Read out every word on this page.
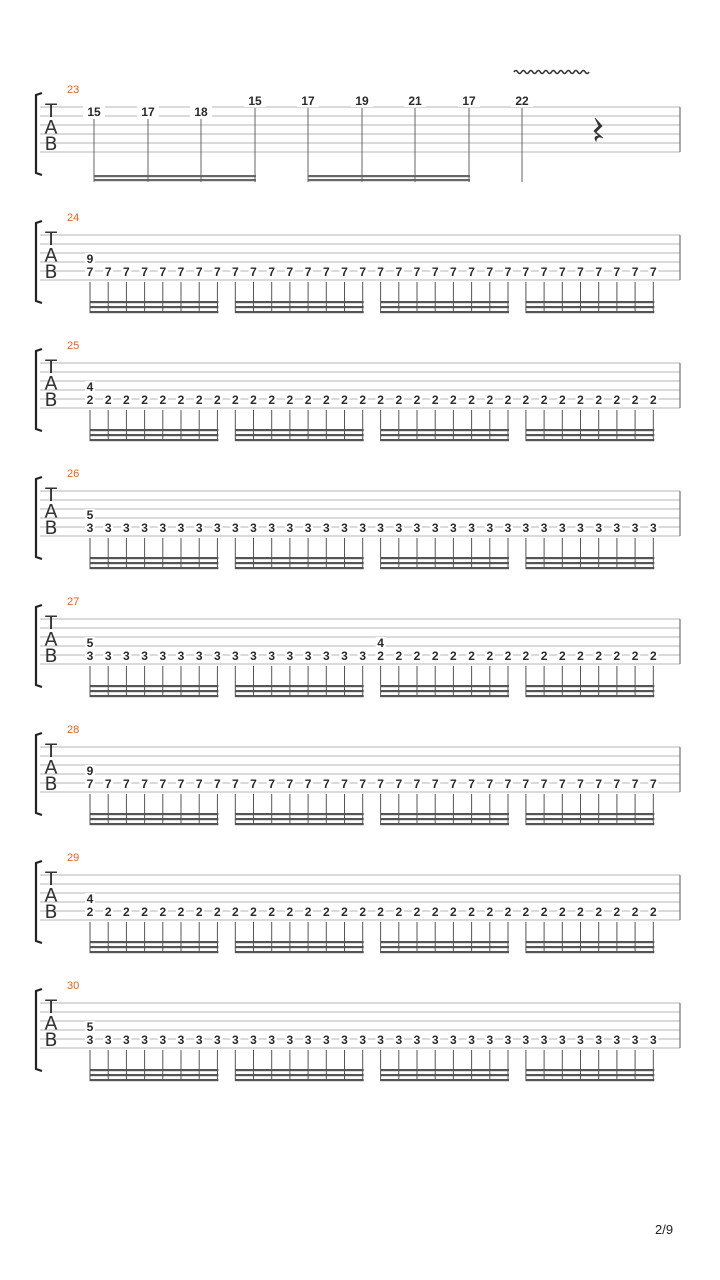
T
A
B
23
15	17	18
15	17	19	21	17	22
T
A
B
24
7
9
7 7 7 7 7 7 7 7 7 7 7 7 7 7 7 7 7 7 7 7 7 7 7 7 7 7 7 7 7 7 7
T
A
B
25
2
4
2 2 2 2 2 2 2 2 2 2 2 2 2 2 2 2 2 2 2 2 2 2 2 2 2 2 2 2 2 2 2
T
A
B
26
3
5
3 3 3 3 3 3 3 3 3 3 3 3 3 3 3 3 3 3 3 3 3 3 3 3 3 3 3 3 3 3 3
T
A
B
27
3
5
3 3 3 3 3 3 3 3 3 3 3 3 3 3 3 2
4
2 2 2 2 2 2 2 2 2 2 2 2 2 2 2
T
A
B
28
7
9
7 7 7 7 7 7 7 7 7 7 7 7 7 7 7 7 7 7 7 7 7 7 7 7 7 7 7 7 7 7 7
T
A
B
29
2
4
2 2 2 2 2 2 2 2 2 2 2 2 2 2 2 2 2 2 2 2 2 2 2 2 2 2 2 2 2 2 2
T
A
B
30
3
5
3 3 3 3 3 3 3 3 3 3 3 3 3 3 3 3 3 3 3 3 3 3 3 3 3 3 3 3 3 3 3
2/9
